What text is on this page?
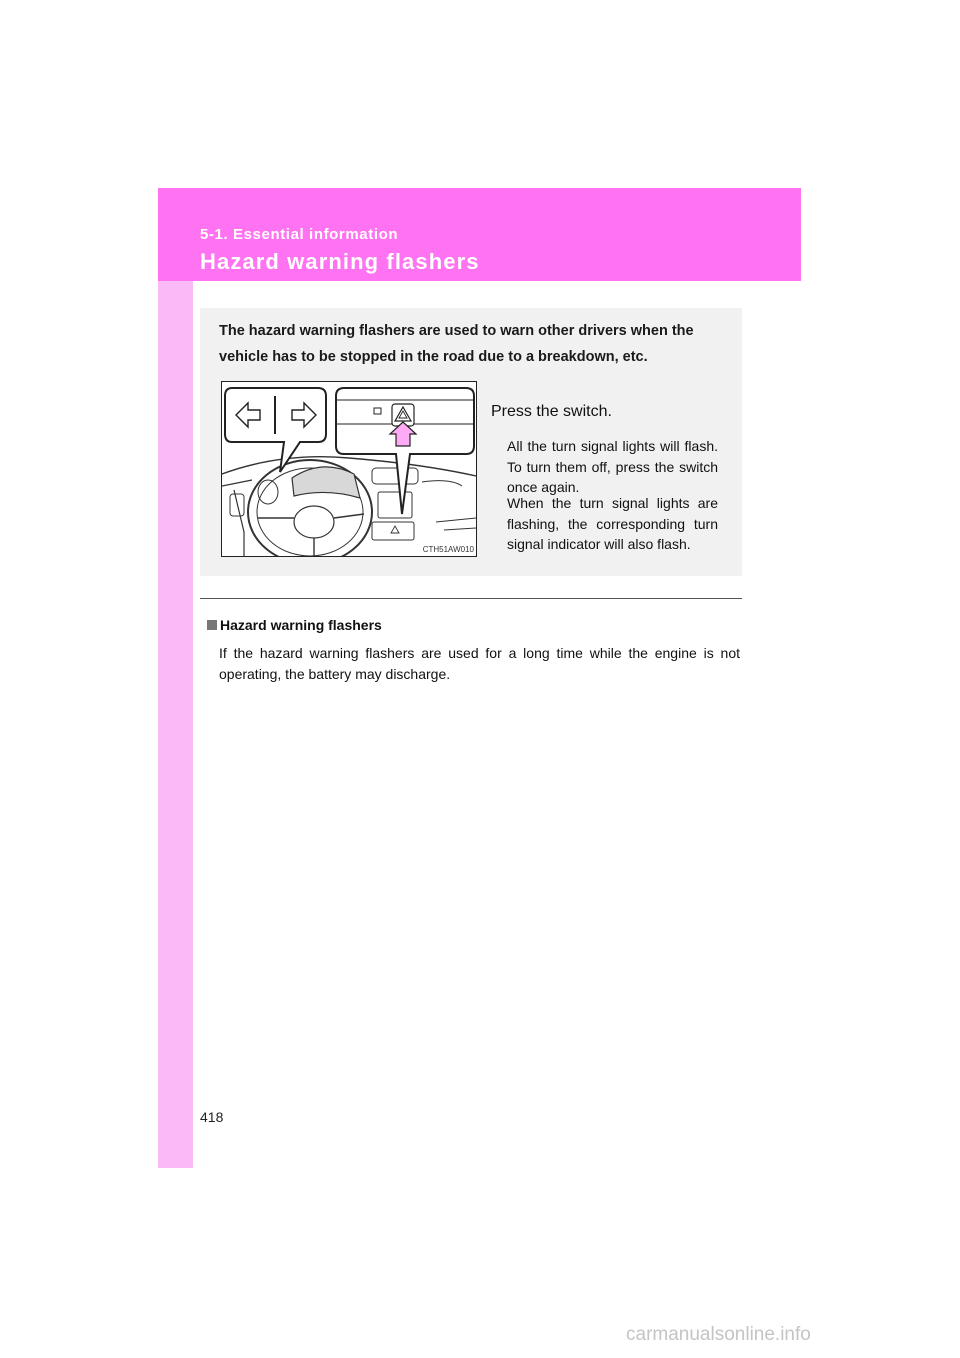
5-1. Essential information
Hazard warning flashers
The hazard warning flashers are used to warn other drivers when the vehicle has to be stopped in the road due to a breakdown, etc.
CTH51AW010
Press the switch.
All the turn signal lights will flash. To turn them off, press the switch once again.
When the turn signal lights are flashing, the corresponding turn signal indicator will also flash.
Hazard warning flashers
If the hazard warning flashers are used for a long time while the engine is not operating, the battery may discharge.
418
carmanualsonline.info
